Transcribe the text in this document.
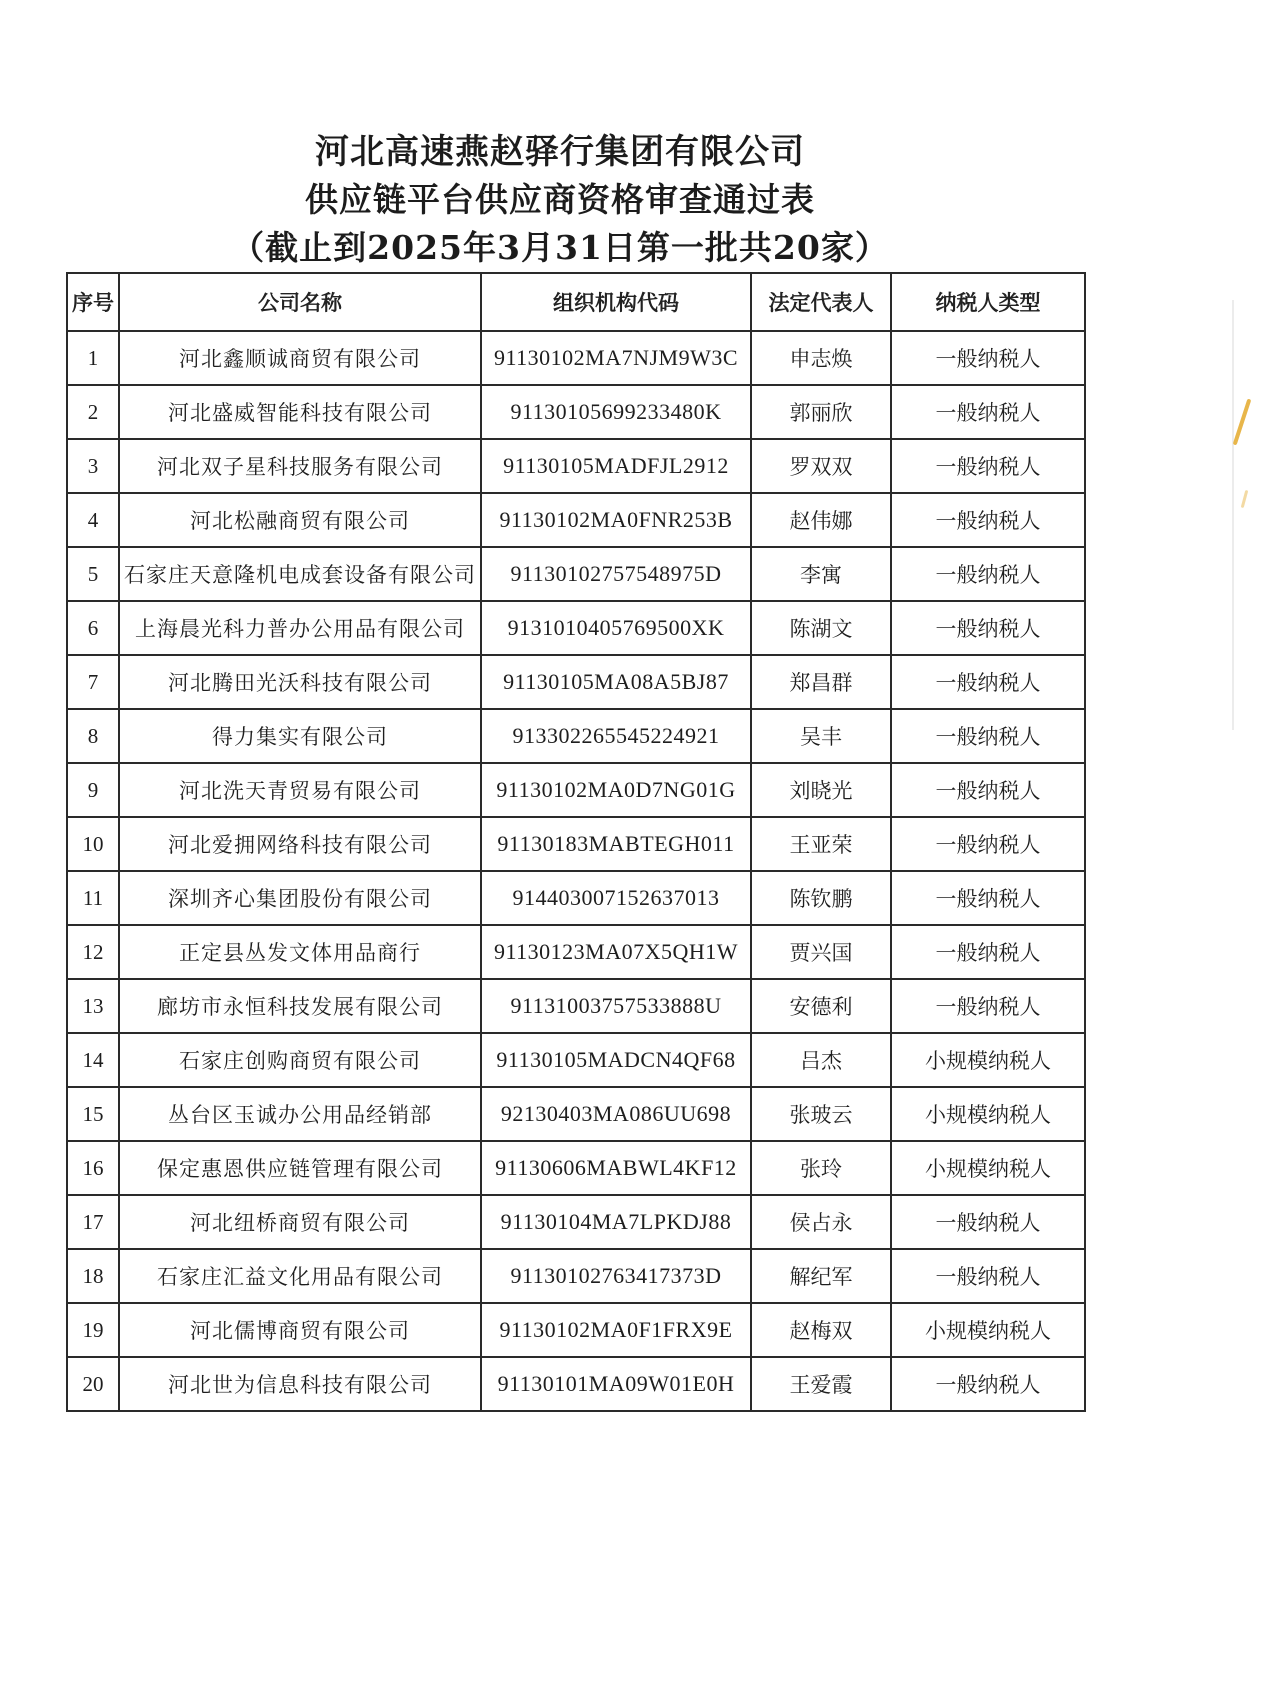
河北高速燕赵驿行集团有限公司
供应链平台供应商资格审查通过表
（截止到2025年3月31日第一批共20家）
序号	公司名称	组织机构代码	法定代表人	纳税人类型
1	河北鑫顺诚商贸有限公司	91130102MA7NJM9W3C	申志焕	一般纳税人
2	河北盛威智能科技有限公司	91130105699233480K	郭丽欣	一般纳税人
3	河北双子星科技服务有限公司	91130105MADFJL2912	罗双双	一般纳税人
4	河北松融商贸有限公司	91130102MA0FNR253B	赵伟娜	一般纳税人
5	石家庄天意隆机电成套设备有限公司	91130102757548975D	李寓	一般纳税人
6	上海晨光科力普办公用品有限公司	9131010405769500XK	陈湖文	一般纳税人
7	河北腾田光沃科技有限公司	91130105MA08A5BJ87	郑昌群	一般纳税人
8	得力集实有限公司	913302265545224921	吴丰	一般纳税人
9	河北洗天青贸易有限公司	91130102MA0D7NG01G	刘晓光	一般纳税人
10	河北爱拥网络科技有限公司	91130183MABTEGH011	王亚荣	一般纳税人
11	深圳齐心集团股份有限公司	914403007152637013	陈钦鹏	一般纳税人
12	正定县丛发文体用品商行	91130123MA07X5QH1W	贾兴国	一般纳税人
13	廊坊市永恒科技发展有限公司	91131003757533888U	安德利	一般纳税人
14	石家庄创购商贸有限公司	91130105MADCN4QF68	吕杰	小规模纳税人
15	丛台区玉诚办公用品经销部	92130403MA086UU698	张玻云	小规模纳税人
16	保定惠恩供应链管理有限公司	91130606MABWL4KF12	张玲	小规模纳税人
17	河北纽桥商贸有限公司	91130104MA7LPKDJ88	侯占永	一般纳税人
18	石家庄汇益文化用品有限公司	91130102763417373D	解纪军	一般纳税人
19	河北儒博商贸有限公司	91130102MA0F1FRX9E	赵梅双	小规模纳税人
20	河北世为信息科技有限公司	91130101MA09W01E0H	王爱霞	一般纳税人
